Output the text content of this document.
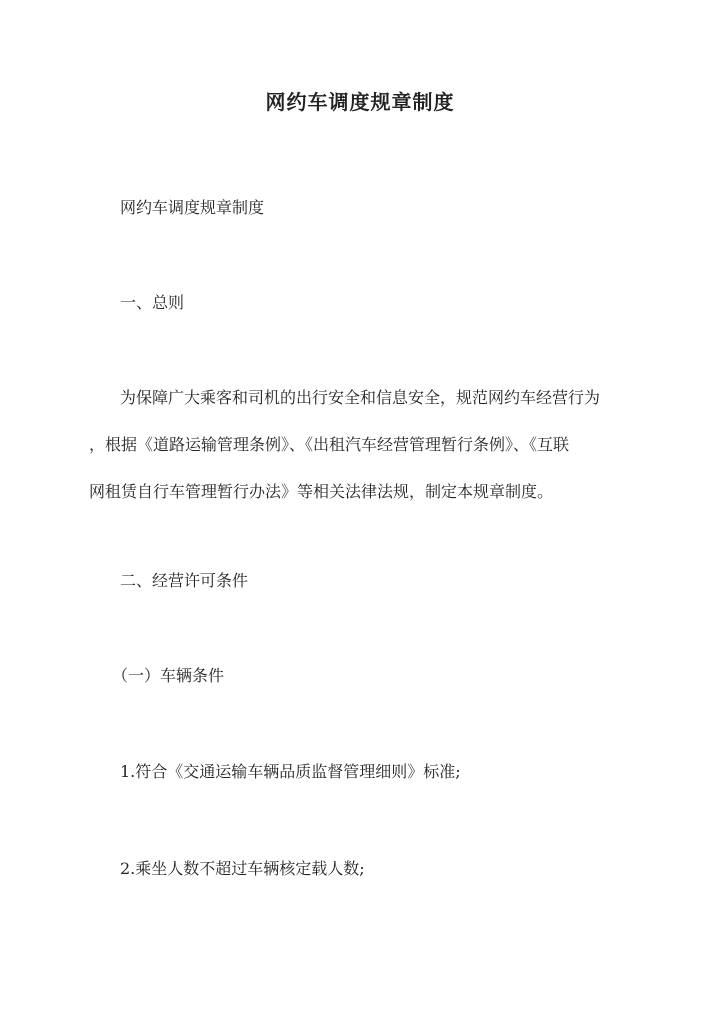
网约车调度规章制度

网约车调度规章制度

一、总则

为保障广大乘客和司机的出行安全和信息安全，规范网约车经营行为

，根据《道路运输管理条例》、《出租汽车经营管理暂行条例》、《互联

网租赁自行车管理暂行办法》等相关法律法规，制定本规章制度。

二、经营许可条件

（一）车辆条件

1.符合《交通运输车辆品质监督管理细则》标准;

2.乘坐人数不超过车辆核定载人数;
